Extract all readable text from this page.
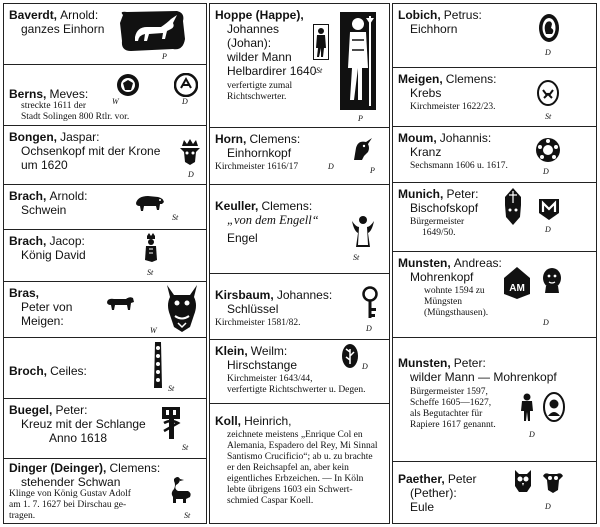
Baverdt, Arnold:
ganzes Einhorn
P
Berns, Meves:
streckte 1611 der
Stadt Solingen 800 Rtlr. vor.
W	D
Bongen, Jaspar:
Ochsenkopf mit der Krone
um 1620
D
Brach, Arnold:
Schwein
St
Brach, Jacop:
König David
St
Bras,
Peter von
Meigen:
W
Broch, Ceiles:
St
Buegel, Peter:
Kreuz mit der Schlange
Anno 1618
St
Dinger (Deinger), Clemens:
stehender Schwan
Klinge von König Gustav Adolf
am 1. 7. 1627 bei Dirschau ge-
tragen.	St
Hoppe (Happe),
Johannes
(Johan):
wilder Mann
Helbardirer 1640
verfertigte zumal
Richtschwerter.
St
P
Horn, Clemens:
Einhornkopf
Kirchmeister 1616/17	D	P
Keuller, Clemens:
„von dem Engell“
Engel
St
Kirsbaum, Johannes:
Schlüssel
Kirchmeister 1581/82.
D
Klein, Weilm:
Hirschstange
Kirchmeister 1643/44,
verfertigte Richtschwerter u. Degen.
D
Koll, Heinrich,
zeichnete meistens „Enrique Col en
Alemania, Espadero del Rey, Mi Sinnal
Santismo Crucificio“; ab u. zu brachte
er den Reichsapfel an, aber kein
eigentliches Erbzeichen. — In Köln
lebte übrigens 1603 ein Schwert-
schmied Caspar Koell.
Lobich, Petrus:
Eichhorn
D
Meigen, Clemens:
Krebs
Kirchmeister 1622/23.
St
Moum, Johannis:
Kranz
Sechsmann 1606 u. 1617.
D
Munich, Peter:
Bischofskopf
Bürgermeister
1649/50.	D
Munsten, Andreas:
Mohrenkopf
wohnte 1594 zu
Müngsten
(Müngsthausen).
AM
D
Munsten, Peter:
wilder Mann — Mohrenkopf
Bürgermeister 1597,
Scheffe 1605—1627,
als Begutachter für
Rapiere 1617 genannt.
D
Paether, Peter
(Pether):
Eule	D
